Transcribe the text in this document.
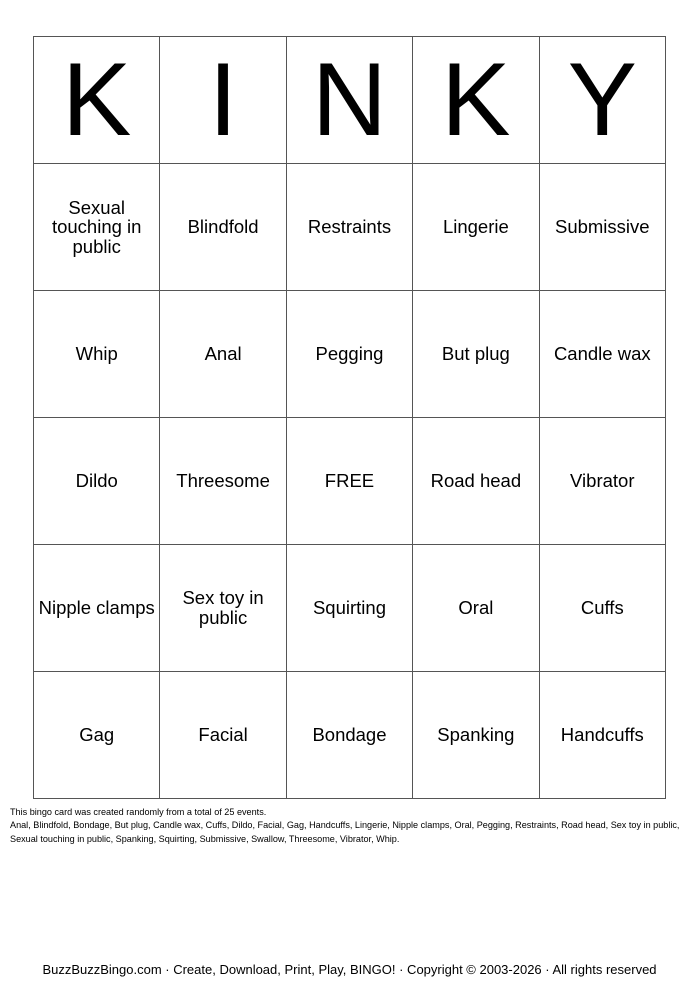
K	I	N	K	Y
Sexual touching in public	Blindfold	Restraints	Lingerie	Submissive
Whip	Anal	Pegging	But plug	Candle wax
Dildo	Threesome	FREE	Road head	Vibrator
Nipple clamps	Sex toy in public	Squirting	Oral	Cuffs
Gag	Facial	Bondage	Spanking	Handcuffs
This bingo card was created randomly from a total of 25 events.
Anal, Blindfold, Bondage, But plug, Candle wax, Cuffs, Dildo, Facial, Gag, Handcuffs, Lingerie, Nipple clamps, Oral, Pegging, Restraints, Road head, Sex toy in public, Sexual touching in public, Spanking, Squirting, Submissive, Swallow, Threesome, Vibrator, Whip.
BuzzBuzzBingo.com · Create, Download, Print, Play, BINGO! · Copyright © 2003-2026 · All rights reserved
